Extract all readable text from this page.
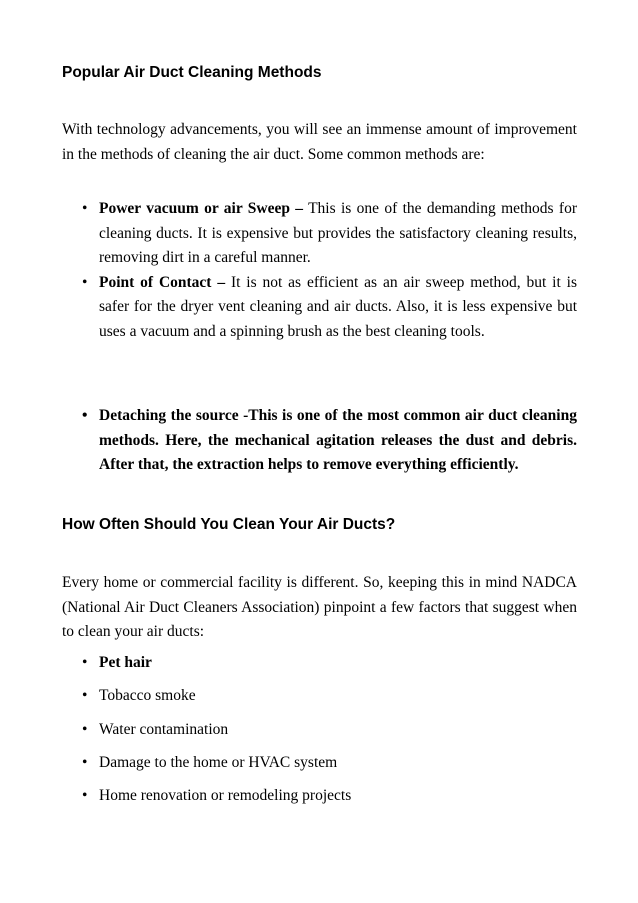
Popular Air Duct Cleaning Methods

With technology advancements, you will see an immense amount of improvement in the methods of cleaning the air duct. Some common methods are:

• Power vacuum or air Sweep – This is one of the demanding methods for cleaning ducts. It is expensive but provides the satisfactory cleaning results, removing dirt in a careful manner.
• Point of Contact – It is not as efficient as an air sweep method, but it is safer for the dryer vent cleaning and air ducts. Also, it is less expensive but uses a vacuum and a spinning brush as the best cleaning tools.
• Detaching the source -This is one of the most common air duct cleaning methods. Here, the mechanical agitation releases the dust and debris. After that, the extraction helps to remove everything efficiently.
How Often Should You Clean Your Air Ducts?

Every home or commercial facility is different. So, keeping this in mind NADCA (National Air Duct Cleaners Association) pinpoint a few factors that suggest when to clean your air ducts:

• Pet hair
• Tobacco smoke
• Water contamination
• Damage to the home or HVAC system
• Home renovation or remodeling projects
